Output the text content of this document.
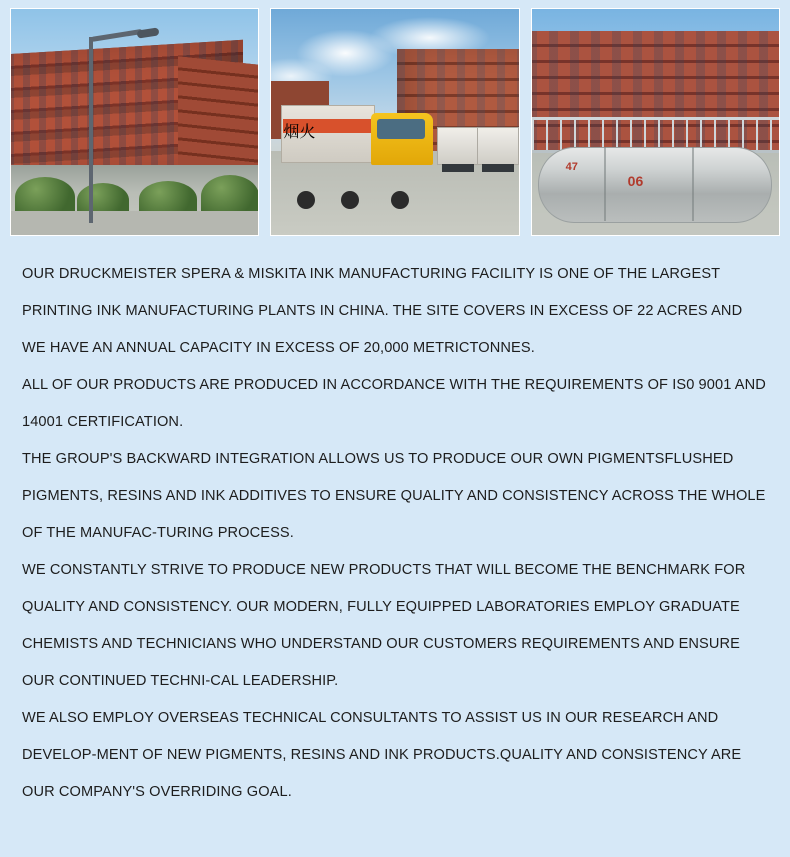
烟火
47
06

OUR DRUCKMEISTER SPERA & MISKITA INK MANUFACTURING FACILITY IS ONE OF THE LARGEST PRINTING INK MANUFACTURING PLANTS IN CHINA. THE SITE COVERS IN EXCESS OF 22 ACRES AND WE HAVE AN ANNUAL CAPACITY IN EXCESS OF 20,000 METRICTONNES.

ALL OF OUR PRODUCTS ARE PRODUCED IN ACCORDANCE WITH THE REQUIREMENTS OF IS0 9001 AND 14001 CERTIFICATION.

THE GROUP'S BACKWARD INTEGRATION ALLOWS US TO PRODUCE OUR OWN PIGMENTSFLUSHED PIGMENTS, RESINS AND INK ADDITIVES TO ENSURE QUALITY AND CONSISTENCY ACROSS THE WHOLE OF THE MANUFAC-TURING PROCESS.

WE CONSTANTLY STRIVE TO PRODUCE NEW PRODUCTS THAT WILL BECOME THE BENCHMARK FOR QUALITY AND CONSISTENCY. OUR MODERN, FULLY EQUIPPED LABORATORIES EMPLOY GRADUATE CHEMISTS AND TECHNICIANS WHO UNDERSTAND OUR CUSTOMERS REQUIREMENTS AND ENSURE OUR CONTINUED TECHNI-CAL LEADERSHIP.

WE ALSO EMPLOY OVERSEAS TECHNICAL CONSULTANTS TO ASSIST US IN OUR RESEARCH AND DEVELOP-MENT OF NEW PIGMENTS, RESINS AND INK PRODUCTS.QUALITY AND CONSISTENCY ARE OUR COMPANY'S OVERRIDING GOAL.
